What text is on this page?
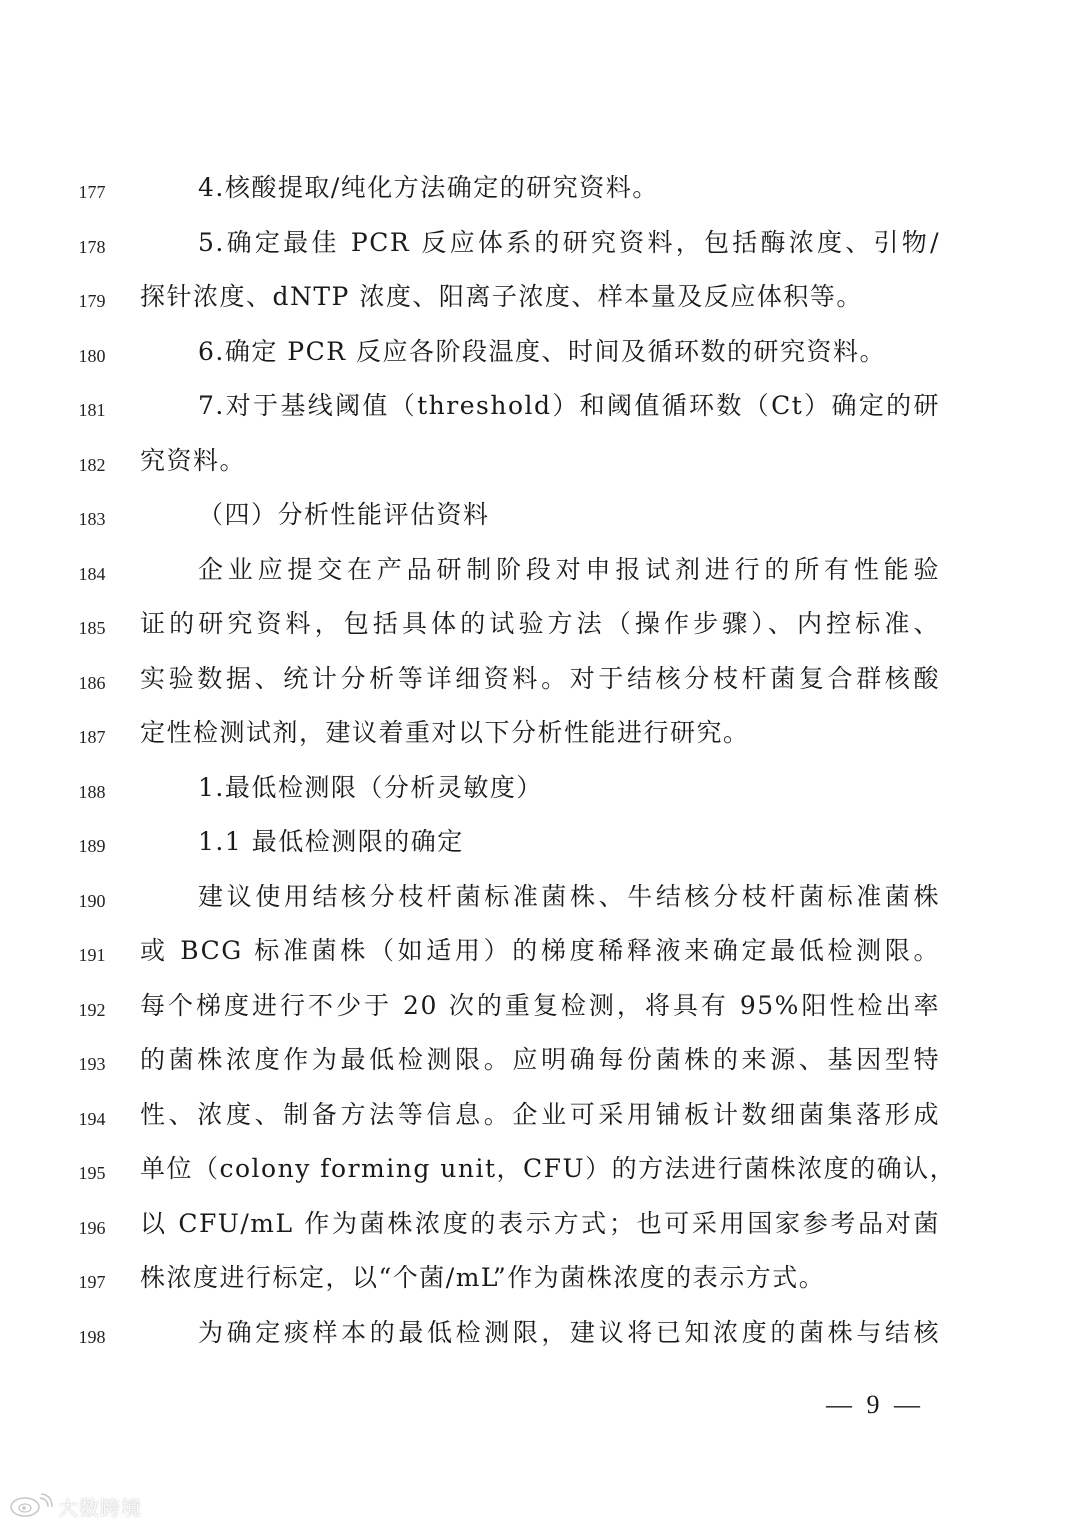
177	4.核酸提取/纯化方法确定的研究资料。
178	5.确定最佳 PCR 反应体系的研究资料，包括酶浓度、引物/
179	探针浓度、dNTP 浓度、阳离子浓度、样本量及反应体积等。
180	6.确定 PCR 反应各阶段温度、时间及循环数的研究资料。
181	7.对于基线阈值（threshold）和阈值循环数（Ct）确定的研
182	究资料。
183	（四）分析性能评估资料
184	企业应提交在产品研制阶段对申报试剂进行的所有性能验
185	证的研究资料，包括具体的试验方法（操作步骤）、内控标准、
186	实验数据、统计分析等详细资料。对于结核分枝杆菌复合群核酸
187	定性检测试剂，建议着重对以下分析性能进行研究。
188	1.最低检测限（分析灵敏度）
189	1.1 最低检测限的确定
190	建议使用结核分枝杆菌标准菌株、牛结核分枝杆菌标准菌株
191	或 BCG 标准菌株（如适用）的梯度稀释液来确定最低检测限。
192	每个梯度进行不少于 20 次的重复检测，将具有 95%阳性检出率
193	的菌株浓度作为最低检测限。应明确每份菌株的来源、基因型特
194	性、浓度、制备方法等信息。企业可采用铺板计数细菌集落形成
195	单位（colony forming unit，CFU）的方法进行菌株浓度的确认，
196	以 CFU/mL 作为菌株浓度的表示方式；也可采用国家参考品对菌
197	株浓度进行标定，以“个菌/mL”作为菌株浓度的表示方式。
198	为确定痰样本的最低检测限，建议将已知浓度的菌株与结核
— 9 —
大数跨境
